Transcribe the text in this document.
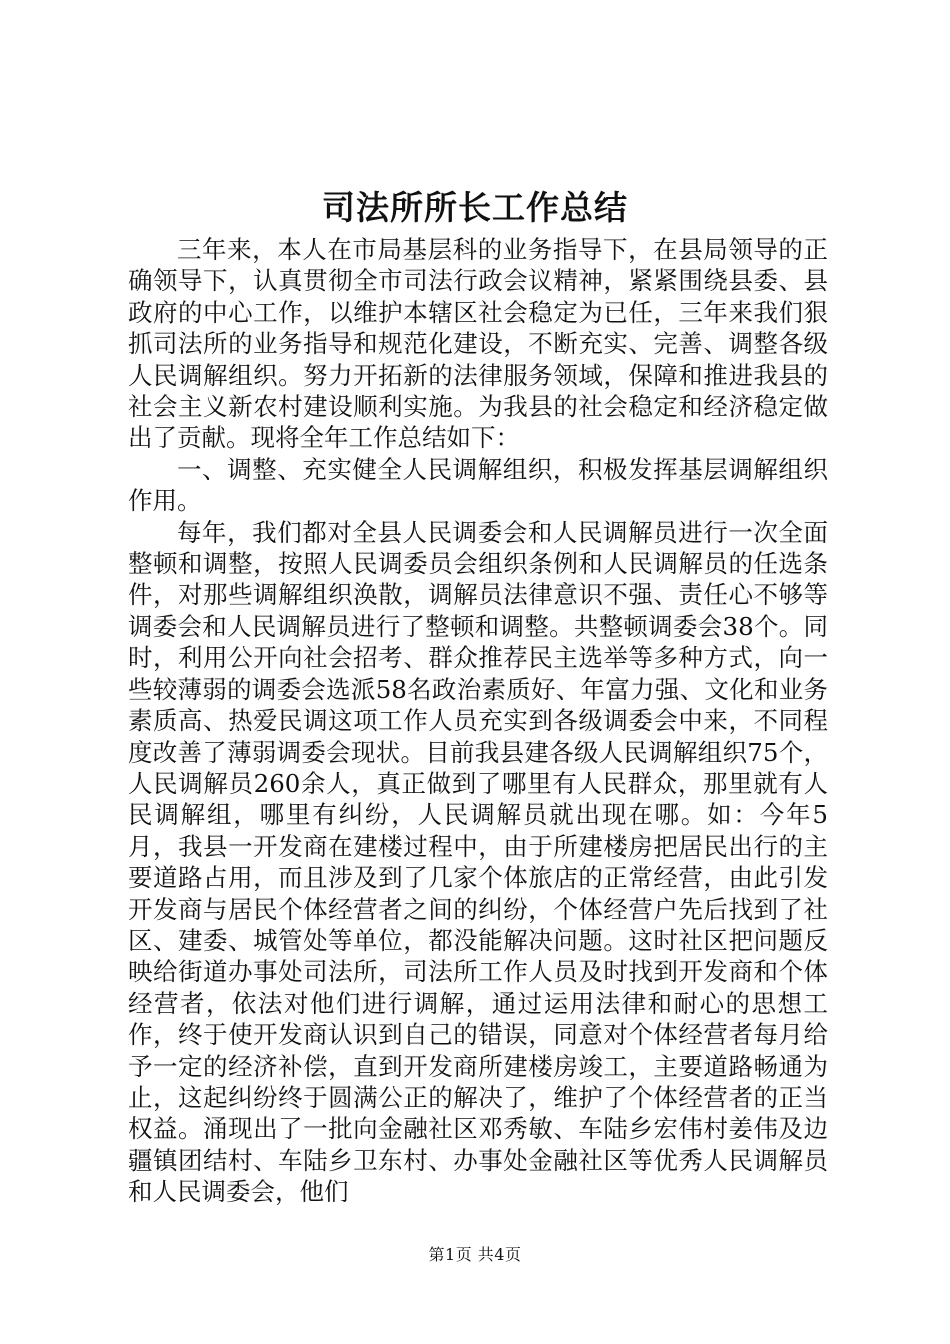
司法所所长工作总结

三年来，本人在市局基层科的业务指导下，在县局领导的正确领导下，认真贯彻全市司法行政会议精神，紧紧围绕县委、县政府的中心工作，以维护本辖区社会稳定为已任，三年来我们狠抓司法所的业务指导和规范化建设，不断充实、完善、调整各级人民调解组织。努力开拓新的法律服务领域，保障和推进我县的社会主义新农村建设顺利实施。为我县的社会稳定和经济稳定做出了贡献。现将全年工作总结如下：

一、调整、充实健全人民调解组织，积极发挥基层调解组织作用。

每年，我们都对全县人民调委会和人民调解员进行一次全面整顿和调整，按照人民调委员会组织条例和人民调解员的任选条件，对那些调解组织涣散，调解员法律意识不强、责任心不够等调委会和人民调解员进行了整顿和调整。共整顿调委会38个。同时，利用公开向社会招考、群众推荐民主选举等多种方式，向一些较薄弱的调委会选派58名政治素质好、年富力强、文化和业务素质高、热爱民调这项工作人员充实到各级调委会中来，不同程度改善了薄弱调委会现状。目前我县建各级人民调解组织75个，人民调解员260余人，真正做到了哪里有人民群众，那里就有人民调解组，哪里有纠纷，人民调解员就出现在哪。如：今年5月，我县一开发商在建楼过程中，由于所建楼房把居民出行的主要道路占用，而且涉及到了几家个体旅店的正常经营，由此引发开发商与居民个体经营者之间的纠纷，个体经营户先后找到了社区、建委、城管处等单位，都没能解决问题。这时社区把问题反映给街道办事处司法所，司法所工作人员及时找到开发商和个体经营者，依法对他们进行调解，通过运用法律和耐心的思想工作，终于使开发商认识到自己的错误，同意对个体经营者每月给予一定的经济补偿，直到开发商所建楼房竣工，主要道路畅通为止，这起纠纷终于圆满公正的解决了，维护了个体经营者的正当权益。涌现出了一批向金融社区邓秀敏、车陆乡宏伟村姜伟及边疆镇团结村、车陆乡卫东村、办事处金融社区等优秀人民调解员和人民调委会，他们

第1页 共4页
